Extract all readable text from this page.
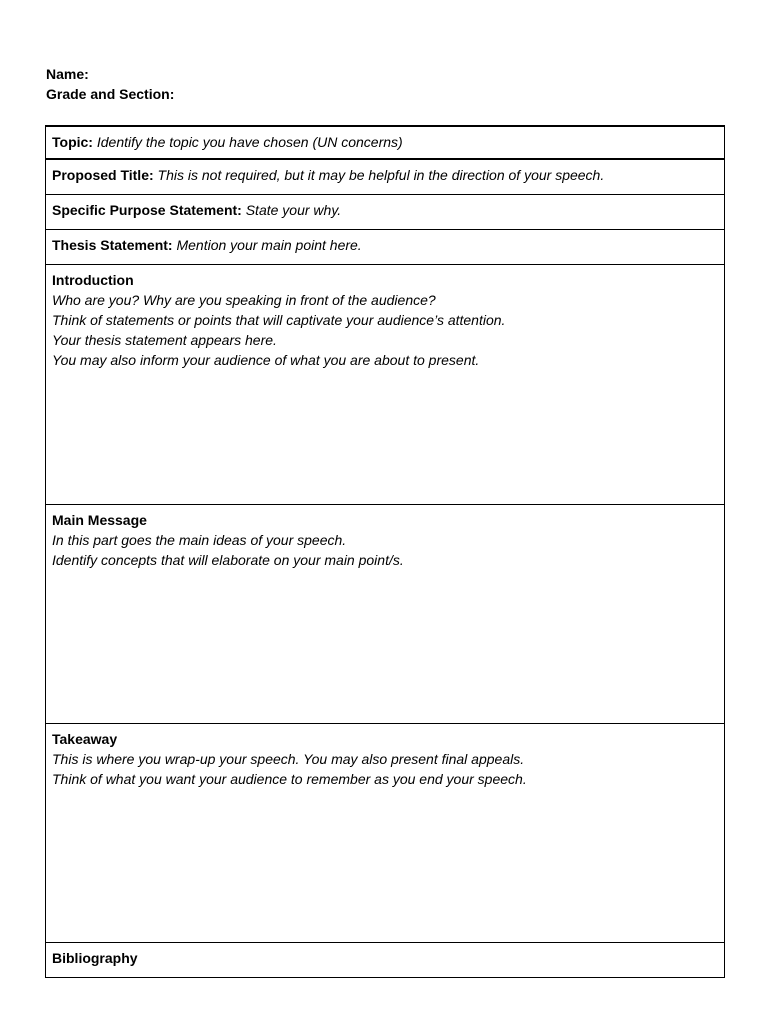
Name:
Grade and Section:
Topic: Identify the topic you have chosen (UN concerns)
Proposed Title: This is not required, but it may be helpful in the direction of your speech.
Specific Purpose Statement: State your why.
Thesis Statement: Mention your main point here.

Introduction
Who are you? Why are you speaking in front of the audience?
Think of statements or points that will captivate your audience’s attention.
Your thesis statement appears here.
You may also inform your audience of what you are about to present.

Main Message
In this part goes the main ideas of your speech.
Identify concepts that will elaborate on your main point/s.

Takeaway
This is where you wrap-up your speech. You may also present final appeals.
Think of what you want your audience to remember as you end your speech.

Bibliography
